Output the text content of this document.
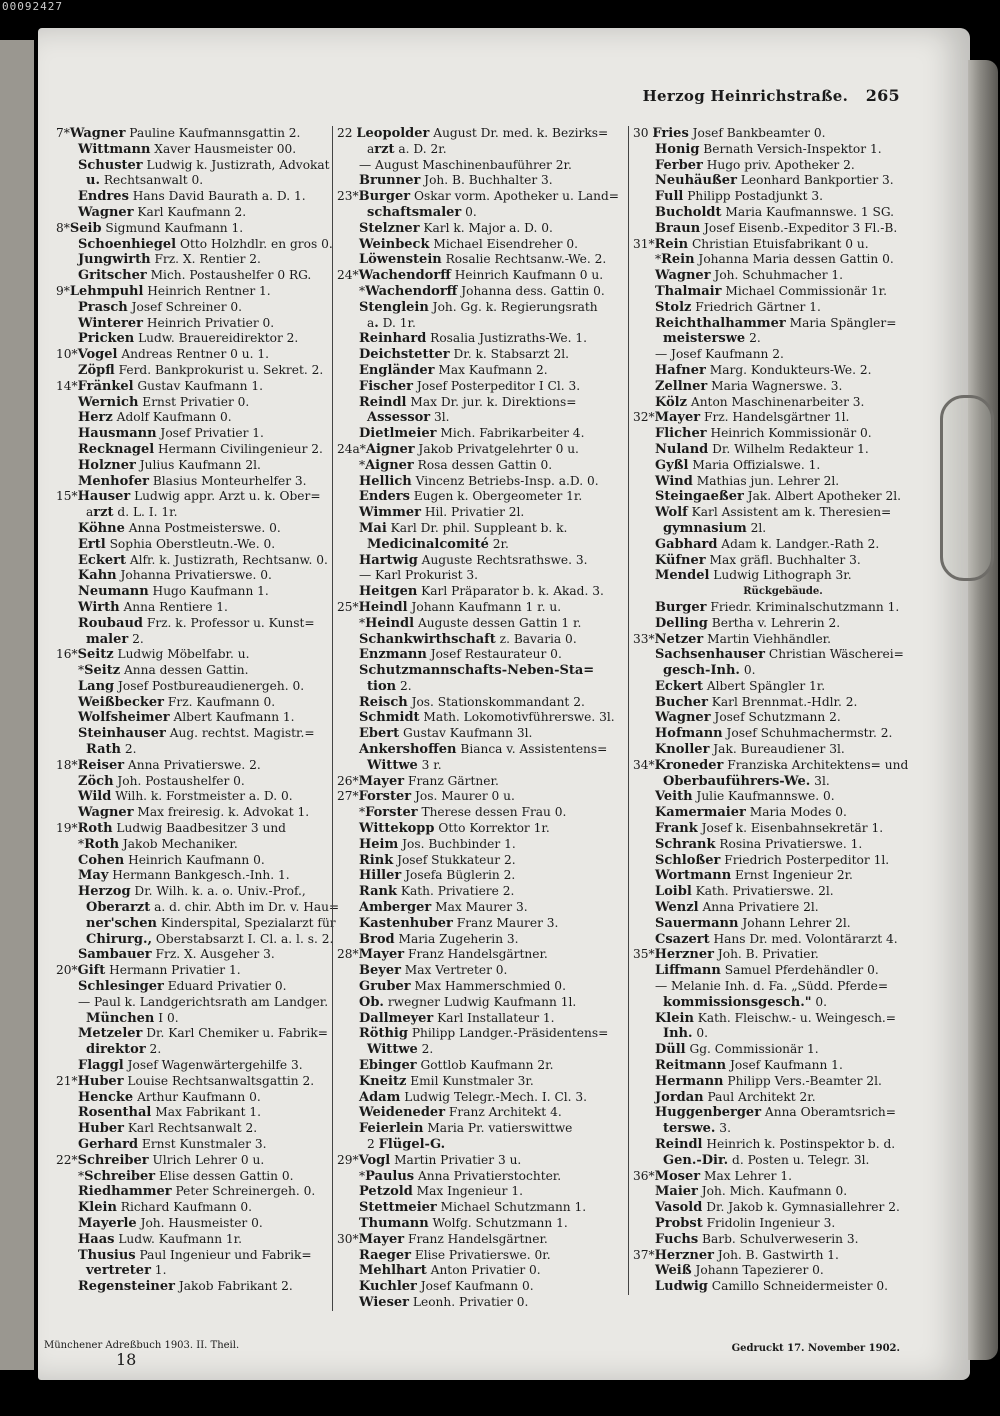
00092427
Herzog Heinrichstraße. 265
7*Wagner Pauline Kaufmannsgattin 2.
Wittmann Xaver Hausmeister 00.
Schuster Ludwig k. Justizrath, Advokat
u. Rechtsanwalt 0.
Endres Hans David Baurath a. D. 1.
Wagner Karl Kaufmann 2.
8*Seib Sigmund Kaufmann 1.
Schoenhiegel Otto Holzhdlr. en gros 0.
Jungwirth Frz. X. Rentier 2.
Gritscher Mich. Postaushelfer 0 RG.
9*Lehmpuhl Heinrich Rentner 1.
Prasch Josef Schreiner 0.
Winterer Heinrich Privatier 0.
Pricken Ludw. Brauereidirektor 2.
10*Vogel Andreas Rentner 0 u. 1.
Zöpfl Ferd. Bankprokurist u. Sekret. 2.
14*Fränkel Gustav Kaufmann 1.
Wernich Ernst Privatier 0.
Herz Adolf Kaufmann 0.
Hausmann Josef Privatier 1.
Recknagel Hermann Civilingenieur 2.
Holzner Julius Kaufmann 2l.
Menhofer Blasius Monteurhelfer 3.
15*Hauser Ludwig appr. Arzt u. k. Ober=
arzt d. L. I. 1r.
Köhne Anna Postmeisterswe. 0.
Ertl Sophia Oberstleutn.-We. 0.
Eckert Alfr. k. Justizrath, Rechtsanw. 0.
Kahn Johanna Privatierswe. 0.
Neumann Hugo Kaufmann 1.
Wirth Anna Rentiere 1.
Roubaud Frz. k. Professor u. Kunst=
maler 2.
16*Seitz Ludwig Möbelfabr. u.
*Seitz Anna dessen Gattin.
Lang Josef Postbureaudienergeh. 0.
Weißbecker Frz. Kaufmann 0.
Wolfsheimer Albert Kaufmann 1.
Steinhauser Aug. rechtst. Magistr.=
Rath 2.
18*Reiser Anna Privatierswe. 2.
Zöch Joh. Postaushelfer 0.
Wild Wilh. k. Forstmeister a. D. 0.
Wagner Max freiresig. k. Advokat 1.
19*Roth Ludwig Baadbesitzer 3 und
*Roth Jakob Mechaniker.
Cohen Heinrich Kaufmann 0.
May Hermann Bankgesch.-Inh. 1.
Herzog Dr. Wilh. k. a. o. Univ.-Prof.,
Oberarzt a. d. chir. Abth im Dr. v. Hau=
ner'schen Kinderspital, Spezialarzt für
Chirurg., Oberstabsarzt I. Cl. a. l. s. 2.
Sambauer Frz. X. Ausgeher 3.
20*Gift Hermann Privatier 1.
Schlesinger Eduard Privatier 0.
— Paul k. Landgerichtsrath am Landger.
München I 0.
Metzeler Dr. Karl Chemiker u. Fabrik=
direktor 2.
Flaggl Josef Wagenwärtergehilfe 3.
21*Huber Louise Rechtsanwaltsgattin 2.
Hencke Arthur Kaufmann 0.
Rosenthal Max Fabrikant 1.
Huber Karl Rechtsanwalt 2.
Gerhard Ernst Kunstmaler 3.
22*Schreiber Ulrich Lehrer 0 u.
*Schreiber Elise dessen Gattin 0.
Riedhammer Peter Schreinergeh. 0.
Klein Richard Kaufmann 0.
Mayerle Joh. Hausmeister 0.
Haas Ludw. Kaufmann 1r.
Thusius Paul Ingenieur und Fabrik=
vertreter 1.
Regensteiner Jakob Fabrikant 2.
22 Leopolder August Dr. med. k. Bezirks=
arzt a. D. 2r.
— August Maschinenbauführer 2r.
Brunner Joh. B. Buchhalter 3.
23*Burger Oskar vorm. Apotheker u. Land=
schaftsmaler 0.
Stelzner Karl k. Major a. D. 0.
Weinbeck Michael Eisendreher 0.
Löwenstein Rosalie Rechtsanw.-We. 2.
24*Wachendorff Heinrich Kaufmann 0 u.
*Wachendorff Johanna dess. Gattin 0.
Stenglein Joh. Gg. k. Regierungsrath
a. D. 1r.
Reinhard Rosalia Justizraths-We. 1.
Deichstetter Dr. k. Stabsarzt 2l.
Engländer Max Kaufmann 2.
Fischer Josef Posterpeditor I Cl. 3.
Reindl Max Dr. jur. k. Direktions=
Assessor 3l.
Dietlmeier Mich. Fabrikarbeiter 4.
24a*Aigner Jakob Privatgelehrter 0 u.
*Aigner Rosa dessen Gattin 0.
Hellich Vincenz Betriebs-Insp. a.D. 0.
Enders Eugen k. Obergeometer 1r.
Wimmer Hil. Privatier 2l.
Mai Karl Dr. phil. Suppleant b. k.
Medicinalcomité 2r.
Hartwig Auguste Rechtsrathswe. 3.
— Karl Prokurist 3.
Heitgen Karl Präparator b. k. Akad. 3.
25*Heindl Johann Kaufmann 1 r. u.
*Heindl Auguste dessen Gattin 1 r.
Schankwirthschaft z. Bavaria 0.
Enzmann Josef Restaurateur 0.
Schutzmannschafts-Neben-Sta=
tion 2.
Reisch Jos. Stationskommandant 2.
Schmidt Math. Lokomotivführerswe. 3l.
Ebert Gustav Kaufmann 3l.
Ankershoffen Bianca v. Assistentens=
Wittwe 3 r.
26*Mayer Franz Gärtner.
27*Forster Jos. Maurer 0 u.
*Forster Therese dessen Frau 0.
Wittekopp Otto Korrektor 1r.
Heim Jos. Buchbinder 1.
Rink Josef Stukkateur 2.
Hiller Josefa Büglerin 2.
Rank Kath. Privatiere 2.
Amberger Max Maurer 3.
Kastenhuber Franz Maurer 3.
Brod Maria Zugeherin 3.
28*Mayer Franz Handelsgärtner.
Beyer Max Vertreter 0.
Gruber Max Hammerschmied 0.
Ob. rwegner Ludwig Kaufmann 1l.
Dallmeyer Karl Installateur 1.
Röthig Philipp Landger.-Präsidentens=
Wittwe 2.
Ebinger Gottlob Kaufmann 2r.
Kneitz Emil Kunstmaler 3r.
Adam Ludwig Telegr.-Mech. I. Cl. 3.
Weideneder Franz Architekt 4.
Feierlein Maria Pr. vatierswittwe
2 Flügel-G.
29*Vogl Martin Privatier 3 u.
*Paulus Anna Privatierstochter.
Petzold Max Ingenieur 1.
Stettmeier Michael Schutzmann 1.
Thumann Wolfg. Schutzmann 1.
30*Mayer Franz Handelsgärtner.
Raeger Elise Privatierswe. 0r.
Mehlhart Anton Privatier 0.
Kuchler Josef Kaufmann 0.
Wieser Leonh. Privatier 0.
30 Fries Josef Bankbeamter 0.
Honig Bernath Versich-Inspektor 1.
Ferber Hugo priv. Apotheker 2.
Neuhäußer Leonhard Bankportier 3.
Full Philipp Postadjunkt 3.
Bucholdt Maria Kaufmannswe. 1 SG.
Braun Josef Eisenb.-Expeditor 3 Fl.-B.
31*Rein Christian Etuisfabrikant 0 u.
*Rein Johanna Maria dessen Gattin 0.
Wagner Joh. Schuhmacher 1.
Thalmair Michael Commissionär 1r.
Stolz Friedrich Gärtner 1.
Reichthalhammer Maria Spängler=
meisterswe 2.
— Josef Kaufmann 2.
Hafner Marg. Kondukteurs-We. 2.
Zellner Maria Wagnerswe. 3.
Kölz Anton Maschinenarbeiter 3.
32*Mayer Frz. Handelsgärtner 1l.
Flicher Heinrich Kommissionär 0.
Nuland Dr. Wilhelm Redakteur 1.
Gyßl Maria Offizialswe. 1.
Wind Mathias jun. Lehrer 2l.
Steingaeßer Jak. Albert Apotheker 2l.
Wolf Karl Assistent am k. Theresien=
gymnasium 2l.
Gabhard Adam k. Landger.-Rath 2.
Küfner Max gräfl. Buchhalter 3.
Mendel Ludwig Lithograph 3r.
Rückgebäude.
Burger Friedr. Kriminalschutzmann 1.
Delling Bertha v. Lehrerin 2.
33*Netzer Martin Viehhändler.
Sachsenhauser Christian Wäscherei=
gesch-Inh. 0.
Eckert Albert Spängler 1r.
Bucher Karl Brennmat.-Hdlr. 2.
Wagner Josef Schutzmann 2.
Hofmann Josef Schuhmachermstr. 2.
Knoller Jak. Bureaudiener 3l.
34*Kroneder Franziska Architektens= und
Oberbauführers-We. 3l.
Veith Julie Kaufmannswe. 0.
Kamermaier Maria Modes 0.
Frank Josef k. Eisenbahnsekretär 1.
Schrank Rosina Privatierswe. 1.
Schloßer Friedrich Posterpeditor 1l.
Wortmann Ernst Ingenieur 2r.
Loibl Kath. Privatierswe. 2l.
Wenzl Anna Privatiere 2l.
Sauermann Johann Lehrer 2l.
Csazert Hans Dr. med. Volontärarzt 4.
35*Herzner Joh. B. Privatier.
Liffmann Samuel Pferdehändler 0.
— Melanie Inh. d. Fa. „Südd. Pferde=
kommissionsgesch." 0.
Klein Kath. Fleischw.- u. Weingesch.=
Inh. 0.
Düll Gg. Commissionär 1.
Reitmann Josef Kaufmann 1.
Hermann Philipp Vers.-Beamter 2l.
Jordan Paul Architekt 2r.
Huggenberger Anna Oberamtsrich=
terswe. 3.
Reindl Heinrich k. Postinspektor b. d.
Gen.-Dir. d. Posten u. Telegr. 3l.
36*Moser Max Lehrer 1.
Maier Joh. Mich. Kaufmann 0.
Vasold Dr. Jakob k. Gymnasiallehrer 2.
Probst Fridolin Ingenieur 3.
Fuchs Barb. Schulverweserin 3.
37*Herzner Joh. B. Gastwirth 1.
Weiß Johann Tapezierer 0.
Ludwig Camillo Schneidermeister 0.
Münchener Adreßbuch 1903. II. Theil.
18
Gedruckt 17. November 1902.
